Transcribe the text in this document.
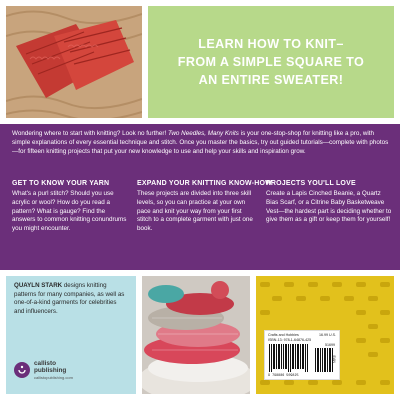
LEARN HOW TO KNIT–
FROM A SIMPLE SQUARE TO
AN ENTIRE SWEATER!

Wondering where to start with knitting? Look no further! Two Needles, Many Knits is your one-stop-shop for knitting like a pro, with simple explanations of every essential technique and stitch. Once you master the basics, try out guided tutorials—complete with photos—for fifteen knitting projects that put your new knowledge to use and help your skills and inspiration grow.

GET TO KNOW YOUR YARN

What's a purl stitch? Should you use acrylic or wool? How do you read a pattern? What is gauge? Find the answers to common knitting conundrums you might encounter.

EXPAND YOUR KNITTING KNOW-HOW

These projects are divided into three skill levels, so you can practice at your own pace and knit your way from your first stitch to a complete garment with just one book.

PROJECTS YOU'LL LOVE

Create a Lapis Cinched Beanie, a Quartz Bias Scarf, or a Citrine Baby Basketweave Vest—the hardest part is deciding whether to give them as a gift or keep them for yourself!

QUAYLN STARK designs knitting patterns for many companies, as well as one-of-a-kind garments for celebrities and influencers.

callisto
publishing
callistopublishing.com
Crafts and Hobbies	16.99 U.S.
ISBN-13: 978-1-64876-425
51699
9 798886 509825
EAN
